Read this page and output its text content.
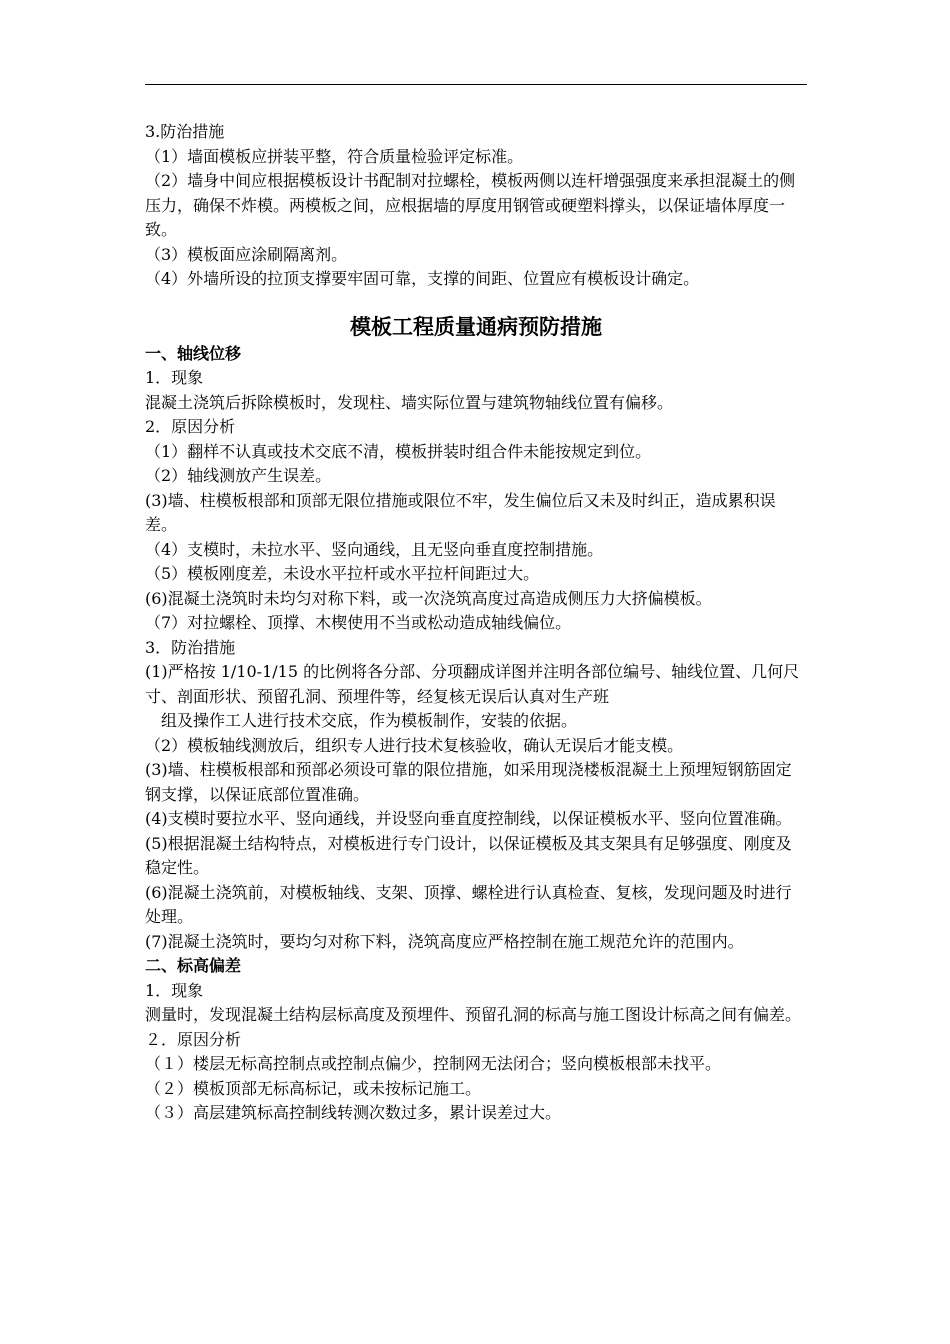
3.防治措施

（1）墙面模板应拼装平整，符合质量检验评定标准。

（2）墙身中间应根据模板设计书配制对拉螺栓，模板两侧以连杆增强强度来承担混凝土的侧压力，确保不炸模。两模板之间，应根据墙的厚度用钢管或硬塑料撑头，以保证墙体厚度一致。

（3）模板面应涂刷隔离剂。

（4）外墙所设的拉顶支撑要牢固可靠，支撑的间距、位置应有模板设计确定。

模板工程质量通病预防措施

一、轴线位移

1．现象

混凝土浇筑后拆除模板时，发现柱、墙实际位置与建筑物轴线位置有偏移。

2．原因分析

（1）翻样不认真或技术交底不清，模板拼装时组合件未能按规定到位。

（2）轴线测放产生误差。

(3)墙、柱模板根部和顶部无限位措施或限位不牢，发生偏位后又未及时纠正，造成累积误差。

（4）支模时，未拉水平、竖向通线，且无竖向垂直度控制措施。

（5）模板刚度差，未设水平拉杆或水平拉杆间距过大。

(6)混凝土浇筑时未均匀对称下料，或一次浇筑高度过高造成侧压力大挤偏模板。

（7）对拉螺栓、顶撑、木楔使用不当或松动造成轴线偏位。

3．防治措施

(1)严格按 1/10-1/15 的比例将各分部、分项翻成详图并注明各部位编号、轴线位置、几何尺寸、剖面形状、预留孔洞、预埋件等，经复核无误后认真对生产班

组及操作工人进行技术交底，作为模板制作，安装的依据。

（2）模板轴线测放后，组织专人进行技术复核验收，确认无误后才能支模。

(3)墙、柱模板根部和预部必须设可靠的限位措施，如采用现浇楼板混凝土上预埋短钢筋固定钢支撑，以保证底部位置准确。

(4)支模时要拉水平、竖向通线，并设竖向垂直度控制线，以保证模板水平、竖向位置准确。

(5)根据混凝土结构特点，对模板进行专门设计，以保证模板及其支架具有足够强度、刚度及稳定性。

(6)混凝土浇筑前，对模板轴线、支架、顶撑、螺栓进行认真检查、复核，发现问题及时进行处理。

(7)混凝土浇筑时，要均匀对称下料，浇筑高度应严格控制在施工规范允许的范围内。

二、标高偏差

1．现象

测量时，发现混凝土结构层标高度及预埋件、预留孔洞的标高与施工图设计标高之间有偏差。

２．原因分析

（１）楼层无标高控制点或控制点偏少，控制网无法闭合；竖向模板根部未找平。

（２）模板顶部无标高标记，或未按标记施工。

（３）高层建筑标高控制线转测次数过多，累计误差过大。
